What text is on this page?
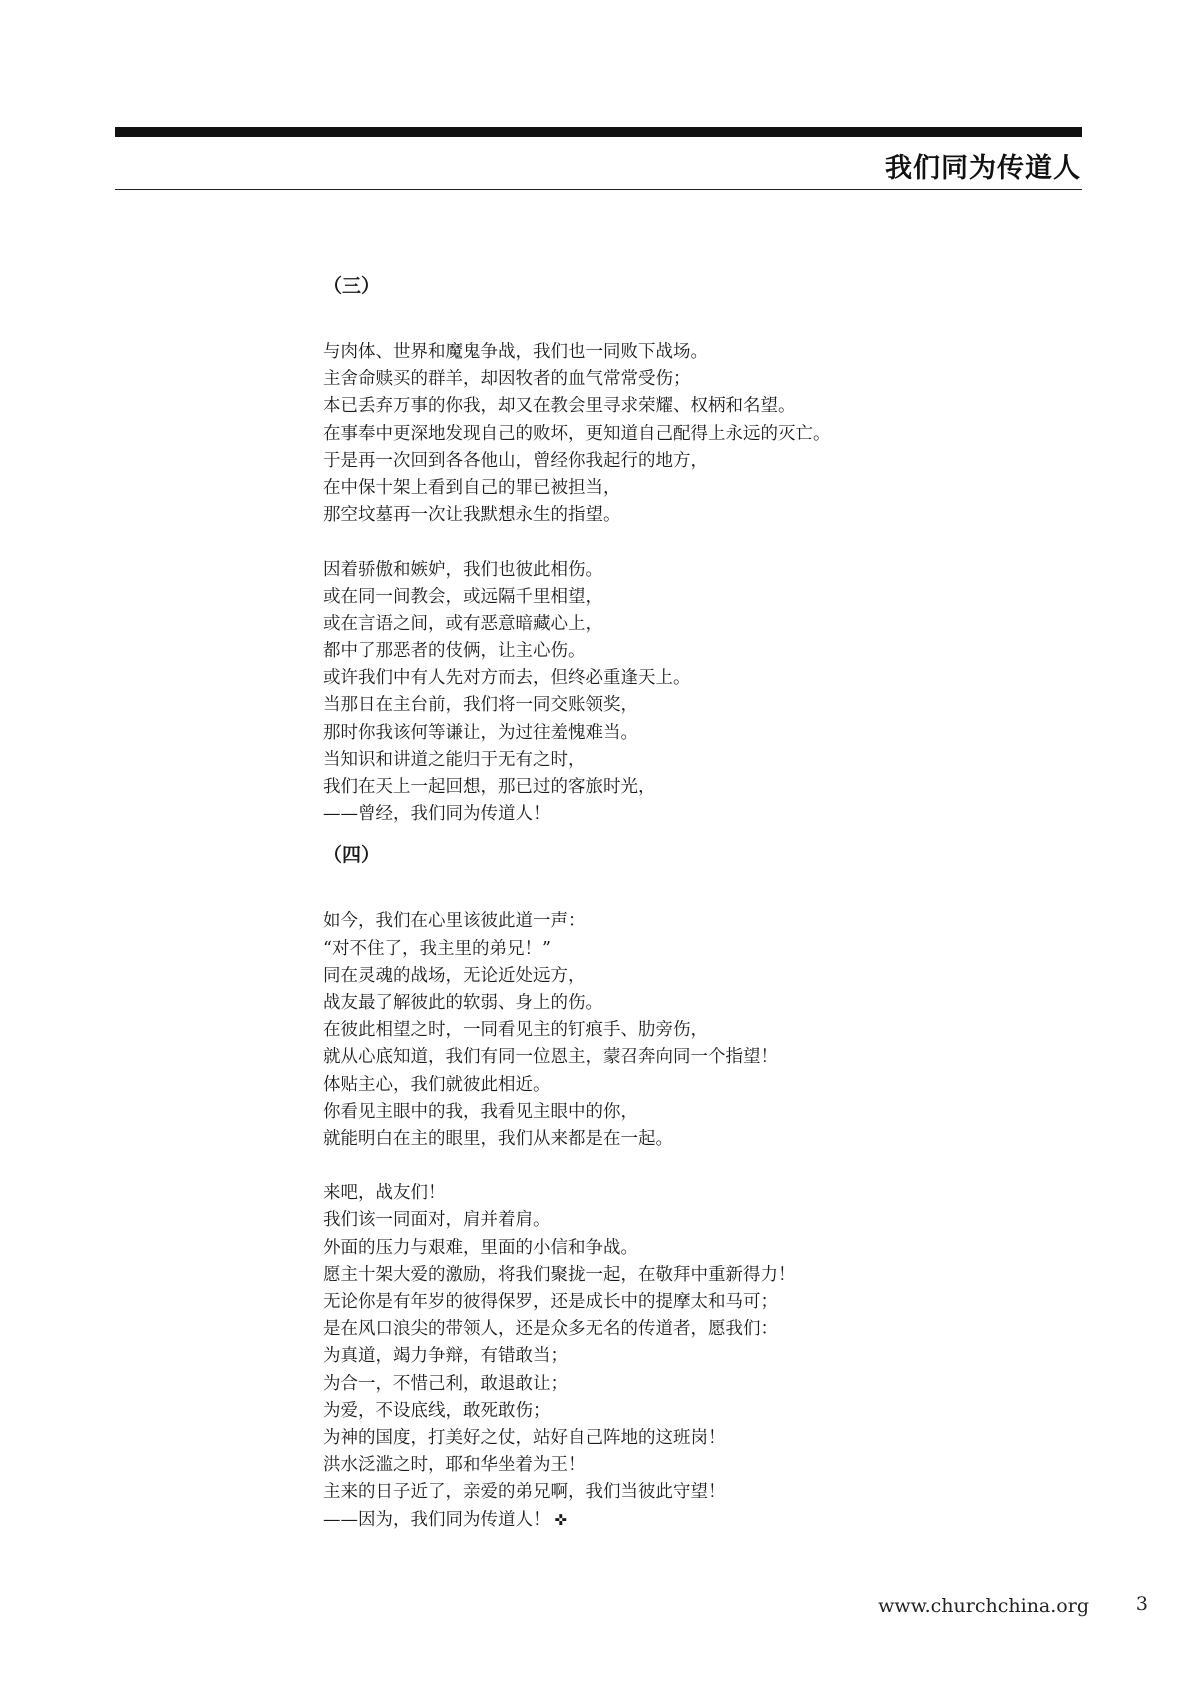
我们同为传道人
（三）
与肉体、世界和魔鬼争战，我们也一同败下战场。
主舍命赎买的群羊，却因牧者的血气常常受伤；
本已丢弃万事的你我，却又在教会里寻求荣耀、权柄和名望。
在事奉中更深地发现自己的败坏，更知道自己配得上永远的灭亡。
于是再一次回到各各他山，曾经你我起行的地方，
在中保十架上看到自己的罪已被担当，
那空坟墓再一次让我默想永生的指望。
因着骄傲和嫉妒，我们也彼此相伤。
或在同一间教会，或远隔千里相望，
或在言语之间，或有恶意暗藏心上，
都中了那恶者的伎俩，让主心伤。
或许我们中有人先对方而去，但终必重逢天上。
当那日在主台前，我们将一同交账领奖，
那时你我该何等谦让，为过往羞愧难当。
当知识和讲道之能归于无有之时，
我们在天上一起回想，那已过的客旅时光，
——曾经，我们同为传道人！
（四）
如今，我们在心里该彼此道一声：
“对不住了，我主里的弟兄！”
同在灵魂的战场，无论近处远方，
战友最了解彼此的软弱、身上的伤。
在彼此相望之时，一同看见主的钉痕手、肋旁伤，
就从心底知道，我们有同一位恩主，蒙召奔向同一个指望！
体贴主心，我们就彼此相近。
你看见主眼中的我，我看见主眼中的你，
就能明白在主的眼里，我们从来都是在一起。
来吧，战友们！
我们该一同面对，肩并着肩。
外面的压力与艰难，里面的小信和争战。
愿主十架大爱的激励，将我们聚拢一起，在敬拜中重新得力！
无论你是有年岁的彼得保罗，还是成长中的提摩太和马可；
是在风口浪尖的带领人，还是众多无名的传道者，愿我们：
为真道，竭力争辩，有错敢当；
为合一，不惜己利，敢退敢让；
为爱，不设底线，敢死敢伤；
为神的国度，打美好之仗，站好自己阵地的这班岗！
洪水泛滥之时，耶和华坐着为王！
主来的日子近了，亲爱的弟兄啊，我们当彼此守望！
——因为，我们同为传道人！ ✜
www.churchchina.org 3
